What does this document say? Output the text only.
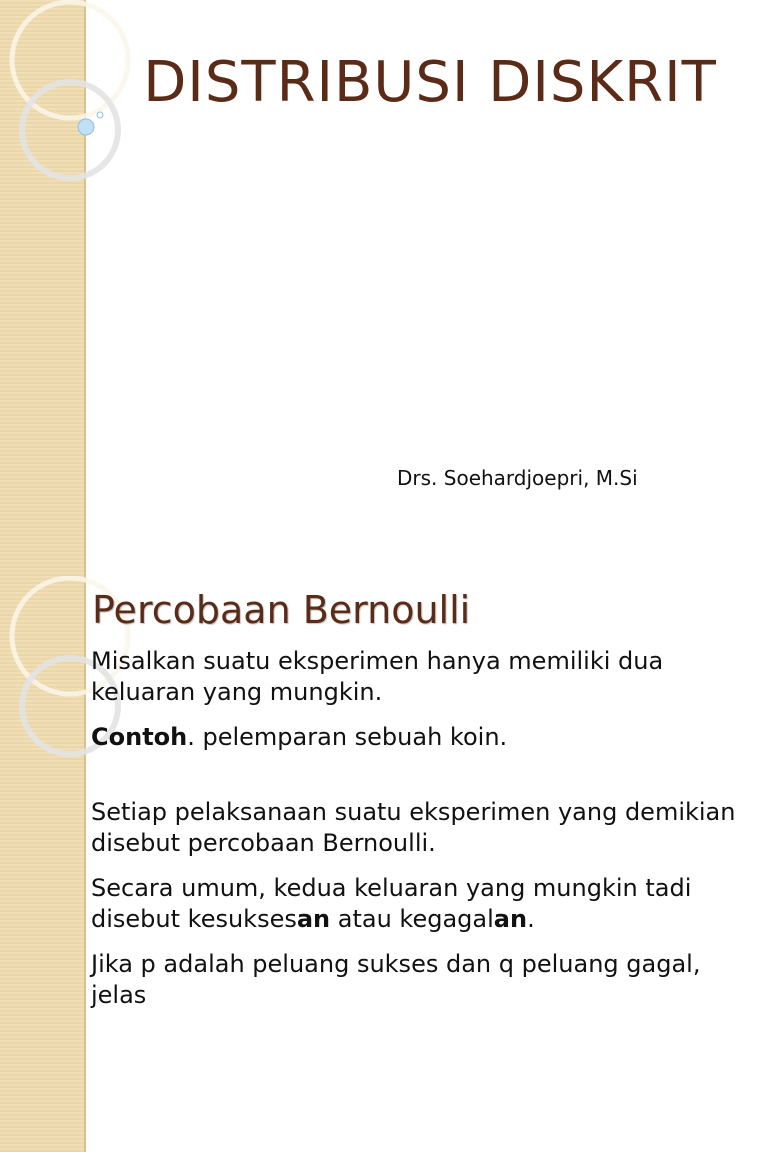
DISTRIBUSI DISKRIT
Drs. Soehardjoepri, M.Si
Percobaan Bernoulli

Misalkan suatu eksperimen hanya memiliki dua keluaran yang mungkin.

Contoh. pelemparan sebuah koin.

Setiap pelaksanaan suatu eksperimen yang demikian disebut percobaan Bernoulli.

Secara umum, kedua keluaran yang mungkin tadi disebut kesuksesan atau kegagalan.

Jika p adalah peluang sukses dan q peluang gagal, jelas
